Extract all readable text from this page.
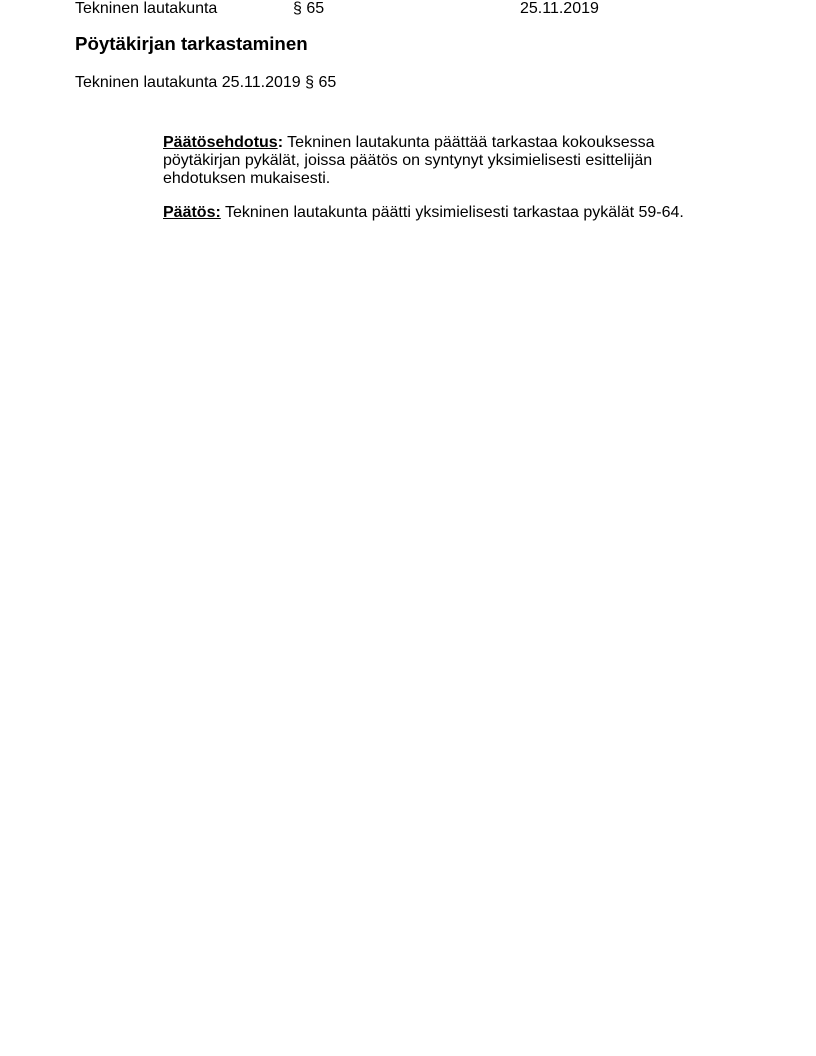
Tekninen lautakunta	§ 65	25.11.2019
Pöytäkirjan tarkastaminen
Tekninen lautakunta 25.11.2019 § 65

Päätösehdotus: Tekninen lautakunta päättää tarkastaa kokouksessa pöytäkirjan pykälät, joissa päätös on syntynyt yksimielisesti esittelijän ehdotuksen mukaisesti.

Päätös: Tekninen lautakunta päätti yksimielisesti tarkastaa pykälät 59-64.
